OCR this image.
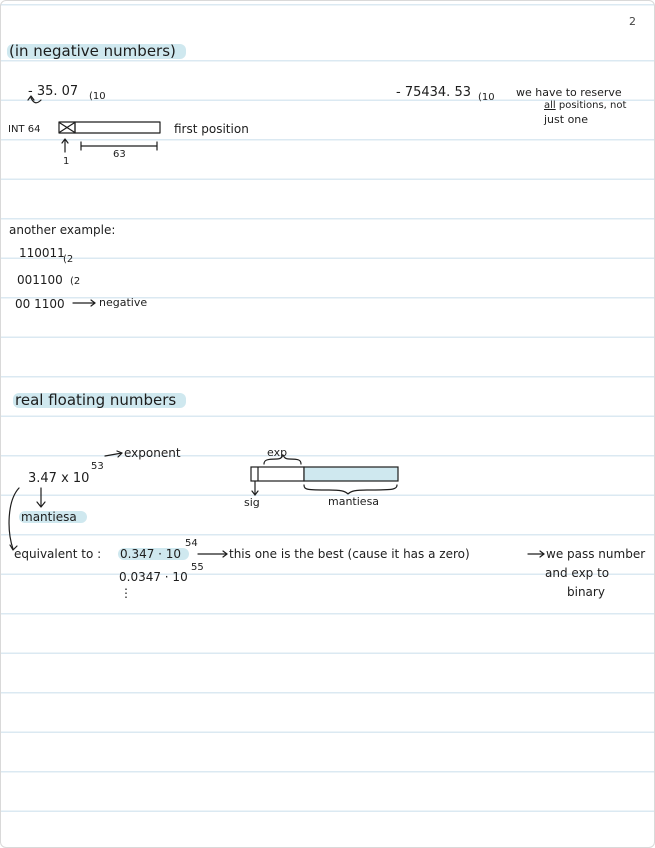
2
(in negative numbers)
- 35. 07 (10
INT 64	first position
1
63
- 75434. 53 (10 we have to reserve
all positions, not
just one
another example:
110011
(2
001100 (2
00 1100	negative
real floating numbers
3.47 x 10
53
exponent
mantiesa
exp
sig	mantiesa
equivalent to : 0.347 · 10
54
this one is the best (cause it has a zero)	we pass number
and exp to
binary
0.0347 · 10
55
⋮
